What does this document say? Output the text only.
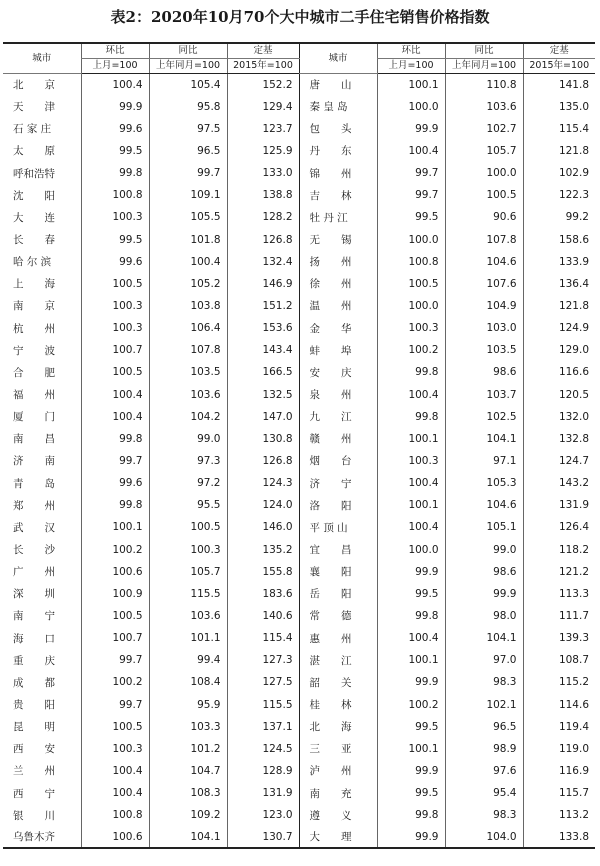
表2：2020年10月70个大中城市二手住宅销售价格指数
城市	环比	同比	定基	城市	环比	同比	定基
	上月=100	上年同月=100	2015年=100		上月=100	上年同月=100	2015年=100
北　　京	100.4	105.4	152.2	唐　　山	100.1	110.8	141.8
天　　津	99.9	95.8	129.4	秦 皇 岛	100.0	103.6	135.0
石 家 庄	99.6	97.5	123.7	包　　头	99.9	102.7	115.4
太　　原	99.5	96.5	125.9	丹　　东	100.4	105.7	121.8
呼和浩特	99.8	99.7	133.0	锦　　州	99.7	100.0	102.9
沈　　阳	100.8	109.1	138.8	吉　　林	99.7	100.5	122.3
大　　连	100.3	105.5	128.2	牡 丹 江	99.5	90.6	99.2
长　　春	99.5	101.8	126.8	无　　锡	100.0	107.8	158.6
哈 尔 滨	99.6	100.4	132.4	扬　　州	100.8	104.6	133.9
上　　海	100.5	105.2	146.9	徐　　州	100.5	107.6	136.4
南　　京	100.3	103.8	151.2	温　　州	100.0	104.9	121.8
杭　　州	100.3	106.4	153.6	金　　华	100.3	103.0	124.9
宁　　波	100.7	107.8	143.4	蚌　　埠	100.2	103.5	129.0
合　　肥	100.5	103.5	166.5	安　　庆	99.8	98.6	116.6
福　　州	100.4	103.6	132.5	泉　　州	100.4	103.7	120.5
厦　　门	100.4	104.2	147.0	九　　江	99.8	102.5	132.0
南　　昌	99.8	99.0	130.8	赣　　州	100.1	104.1	132.8
济　　南	99.7	97.3	126.8	烟　　台	100.3	97.1	124.7
青　　岛	99.6	97.2	124.3	济　　宁	100.4	105.3	143.2
郑　　州	99.8	95.5	124.0	洛　　阳	100.1	104.6	131.9
武　　汉	100.1	100.5	146.0	平 顶 山	100.4	105.1	126.4
长　　沙	100.2	100.3	135.2	宜　　昌	100.0	99.0	118.2
广　　州	100.6	105.7	155.8	襄　　阳	99.9	98.6	121.2
深　　圳	100.9	115.5	183.6	岳　　阳	99.5	99.9	113.3
南　　宁	100.5	103.6	140.6	常　　德	99.8	98.0	111.7
海　　口	100.7	101.1	115.4	惠　　州	100.4	104.1	139.3
重　　庆	99.7	99.4	127.3	湛　　江	100.1	97.0	108.7
成　　都	100.2	108.4	127.5	韶　　关	99.9	98.3	115.2
贵　　阳	99.7	95.9	115.5	桂　　林	100.2	102.1	114.6
昆　　明	100.5	103.3	137.1	北　　海	99.5	96.5	119.4
西　　安	100.3	101.2	124.5	三　　亚	100.1	98.9	119.0
兰　　州	100.4	104.7	128.9	泸　　州	99.9	97.6	116.9
西　　宁	100.4	108.3	131.9	南　　充	99.5	95.4	115.7
银　　川	100.8	109.2	123.0	遵　　义	99.8	98.3	113.2
乌鲁木齐	100.6	104.1	130.7	大　　理	99.9	104.0	133.8
